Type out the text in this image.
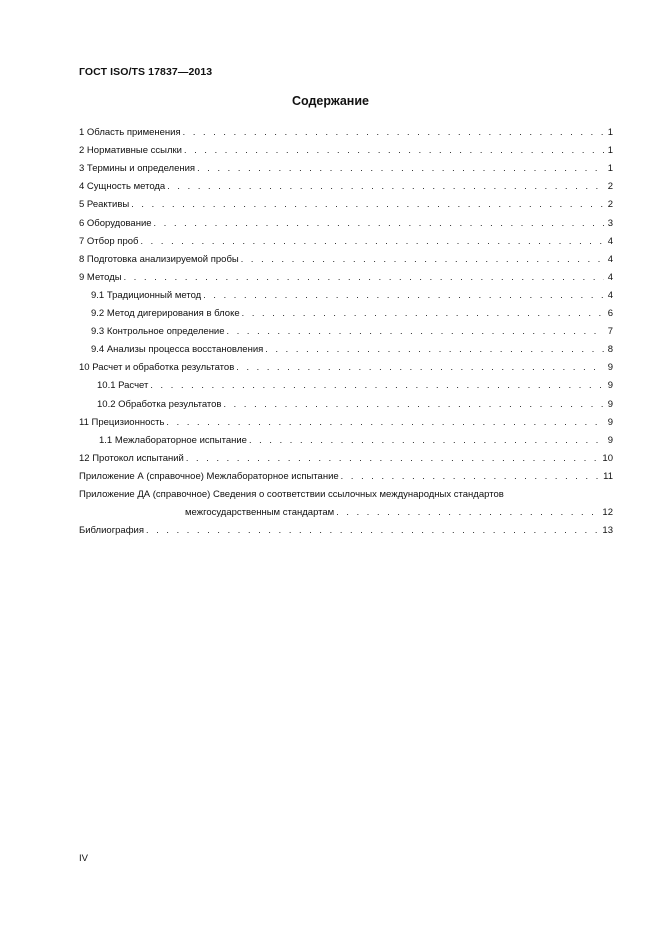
ГОСТ ISO/TS 17837—2013
Содержание
1 Область применения . . .	1
2 Нормативные ссылки . . .	1
3 Термины и определения . . .	1
4 Сущность метода . . .	2
5 Реактивы . . .	2
6 Оборудование . . .	3
7 Отбор проб . . .	4
8 Подготовка анализируемой пробы . . .	4
9 Методы . . .	4
9.1 Традиционный метод . . .	4
9.2 Метод дигерирования в блоке . . .	6
9.3 Контрольное определение . . .	7
9.4 Анализы процесса восстановления . . .	8
10 Расчет и обработка результатов . . .	9
10.1 Расчет . . .	9
10.2 Обработка результатов . . .	9
11 Прецизионность . . .	9
1.1 Межлабораторное испытание . . .	9
12 Протокол испытаний . . .	10
Приложение А (справочное) Межлабораторное испытание . . .	11
Приложение ДА (справочное) Сведения о соответствии ссылочных международных стандартов
межгосударственным стандартам . . .	12
Библиография . . .	13
IV
